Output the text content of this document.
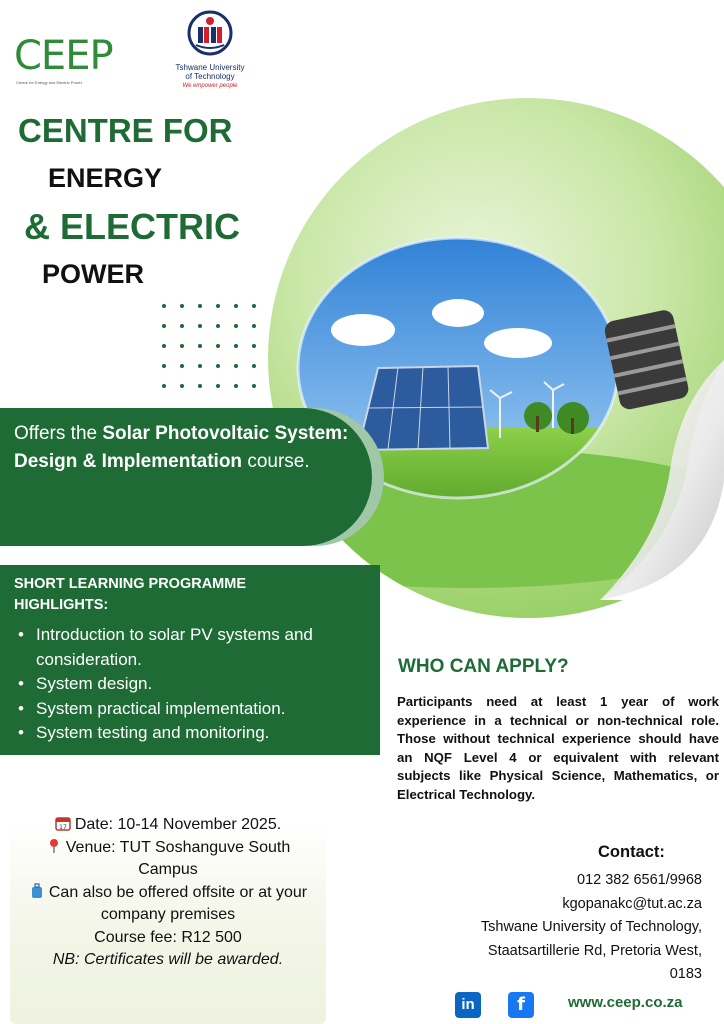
CEEP
Centre for Energy and Electric Power
Tshwane University
of Technology
We empower people
CENTRE FOR
ENERGY
& ELECTRIC
POWER
Offers the Solar Photovoltaic System: Design & Implementation course.
SHORT LEARNING PROGRAMME HIGHLIGHTS:
• Introduction to solar PV systems and consideration.
• System design.
• System practical implementation.
• System testing and monitoring.
WHO CAN APPLY?
Participants need at least 1 year of work experience in a technical or non-technical role. Those without technical experience should have an NQF Level 4 or equivalent with relevant subjects like Physical Science, Mathematics, or Electrical Technology.
17 Date: 10-14 November 2025.
Venue: TUT Soshanguve South Campus
Can also be offered offsite or at your company premises
Course fee: R12 500
NB: Certificates will be awarded.
Contact:
012 382 6561/9968
kgopanakc@tut.ac.za
Tshwane University of Technology,
Staatsartillerie Rd, Pretoria West,
0183
in	f	www.ceep.co.za
